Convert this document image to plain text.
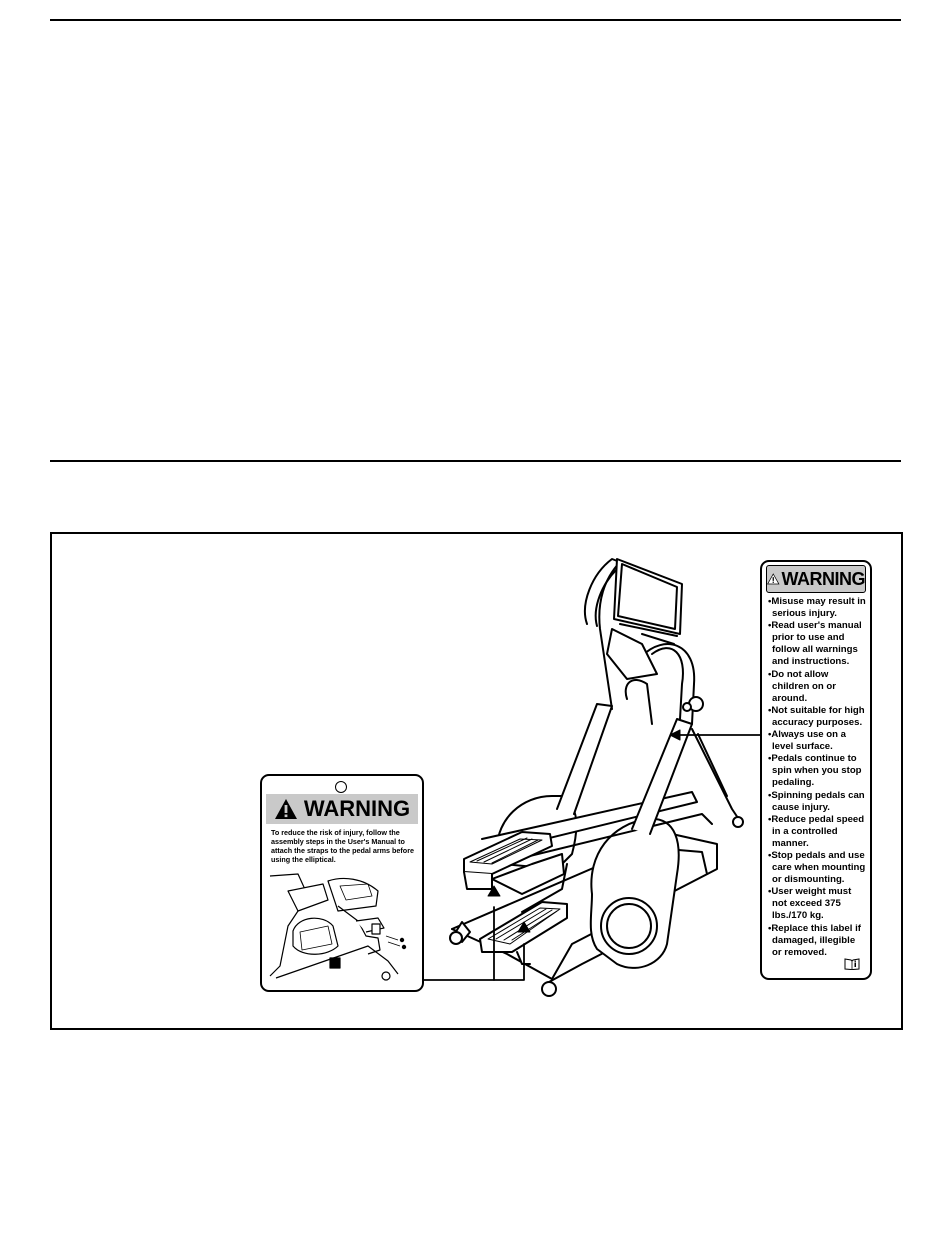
WARNING
To reduce the risk of injury, follow the assembly steps in the User's Manual to attach the straps to the pedal arms before using the elliptical.
WARNING
•Misuse may result in serious injury.
•Read user's manual prior to use and follow all warnings and instructions.
•Do not allow children on or around.
•Not suitable for high accuracy purposes.
•Always use on a level surface.
•Pedals continue to spin when you stop pedaling.
•Spinning pedals can cause injury.
•Reduce pedal speed in a controlled manner.
•Stop pedals and use care when mounting or dismounting.
•User weight must not exceed 375 lbs./170 kg.
•Replace this label if damaged, illegible or removed.
